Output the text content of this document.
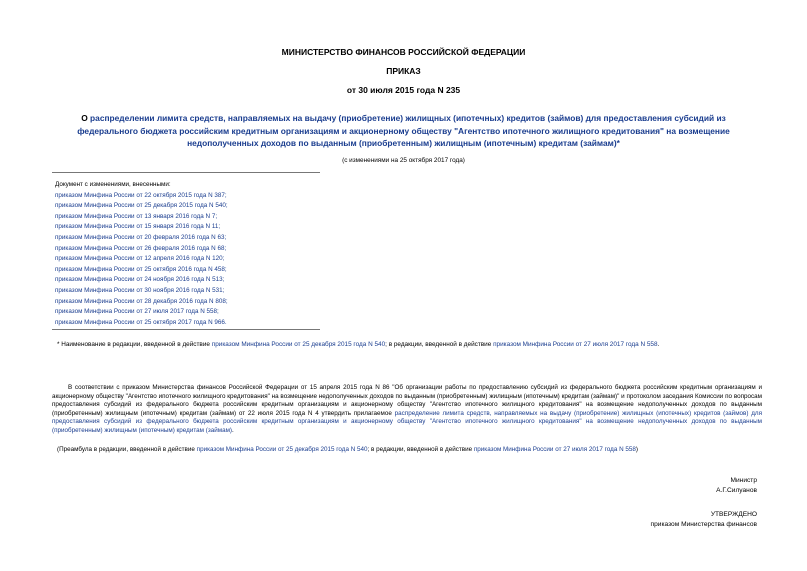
МИНИСТЕРСТВО ФИНАНСОВ РОССИЙСКОЙ ФЕДЕРАЦИИ
ПРИКАЗ
от 30 июля 2015 года N 235
О распределении лимита средств, направляемых на выдачу (приобретение) жилищных (ипотечных) кредитов (займов) для предоставления субсидий из федерального бюджета российским кредитным организациям и акционерному обществу "Агентство ипотечного жилищного кредитования" на возмещение недополученных доходов по выданным (приобретенным) жилищным (ипотечным) кредитам (займам)*
(с изменениями на 25 октября 2017 года)
Документ с изменениями, внесенными:
приказом Минфина России от 22 октября 2015 года N 387;
приказом Минфина России от 25 декабря 2015 года N 540;
приказом Минфина России от 13 января 2016 года N 7;
приказом Минфина России от 15 января 2016 года N 11;
приказом Минфина России от 20 февраля 2016 года N 63;
приказом Минфина России от 26 февраля 2016 года N 68;
приказом Минфина России от 12 апреля 2016 года N 120;
приказом Минфина России от 25 октября 2016 года N 458;
приказом Минфина России от 24 ноября 2016 года N 513;
приказом Минфина России от 30 ноября 2016 года N 531;
приказом Минфина России от 28 декабря 2016 года N 808;
приказом Минфина России от 27 июля 2017 года N 558;
приказом Минфина России от 25 октября 2017 года N 966.
* Наименование в редакции, введенной в действие приказом Минфина России от 25 декабря 2015 года N 540; в редакции, введенной в действие приказом Минфина России от 27 июля 2017 года N 558.
В соответствии с приказом Министерства финансов Российской Федерации от 15 апреля 2015 года N 86 "Об организации работы по предоставлению субсидий из федерального бюджета российским кредитным организациям и акционерному обществу "Агентство ипотечного жилищного кредитования" на возмещение недополученных доходов по выданным (приобретенным) жилищным (ипотечным) кредитам (займам)" и протоколом заседания Комиссии по вопросам предоставления субсидий из федерального бюджета российским кредитным организациям и акционерному обществу "Агентство ипотечного жилищного кредитования" на возмещение недополученных доходов по выданным (приобретенным) жилищным (ипотечным) кредитам (займам) от 22 июля 2015 года N 4 утвердить прилагаемое распределение лимита средств, направляемых на выдачу (приобретение) жилищных (ипотечных) кредитов (займов) для предоставления субсидий из федерального бюджета российским кредитным организациям и акционерному обществу "Агентство ипотечного жилищного кредитования" на возмещение недополученных доходов по выданным (приобретенным) жилищным (ипотечным) кредитам (займам).
(Преамбула в редакции, введенной в действие приказом Минфина России от 25 декабря 2015 года N 540; в редакции, введенной в действие приказом Минфина России от 27 июля 2017 года N 558)
Министр
А.Г.Силуанов
УТВЕРЖДЕНО
приказом Министерства финансов
